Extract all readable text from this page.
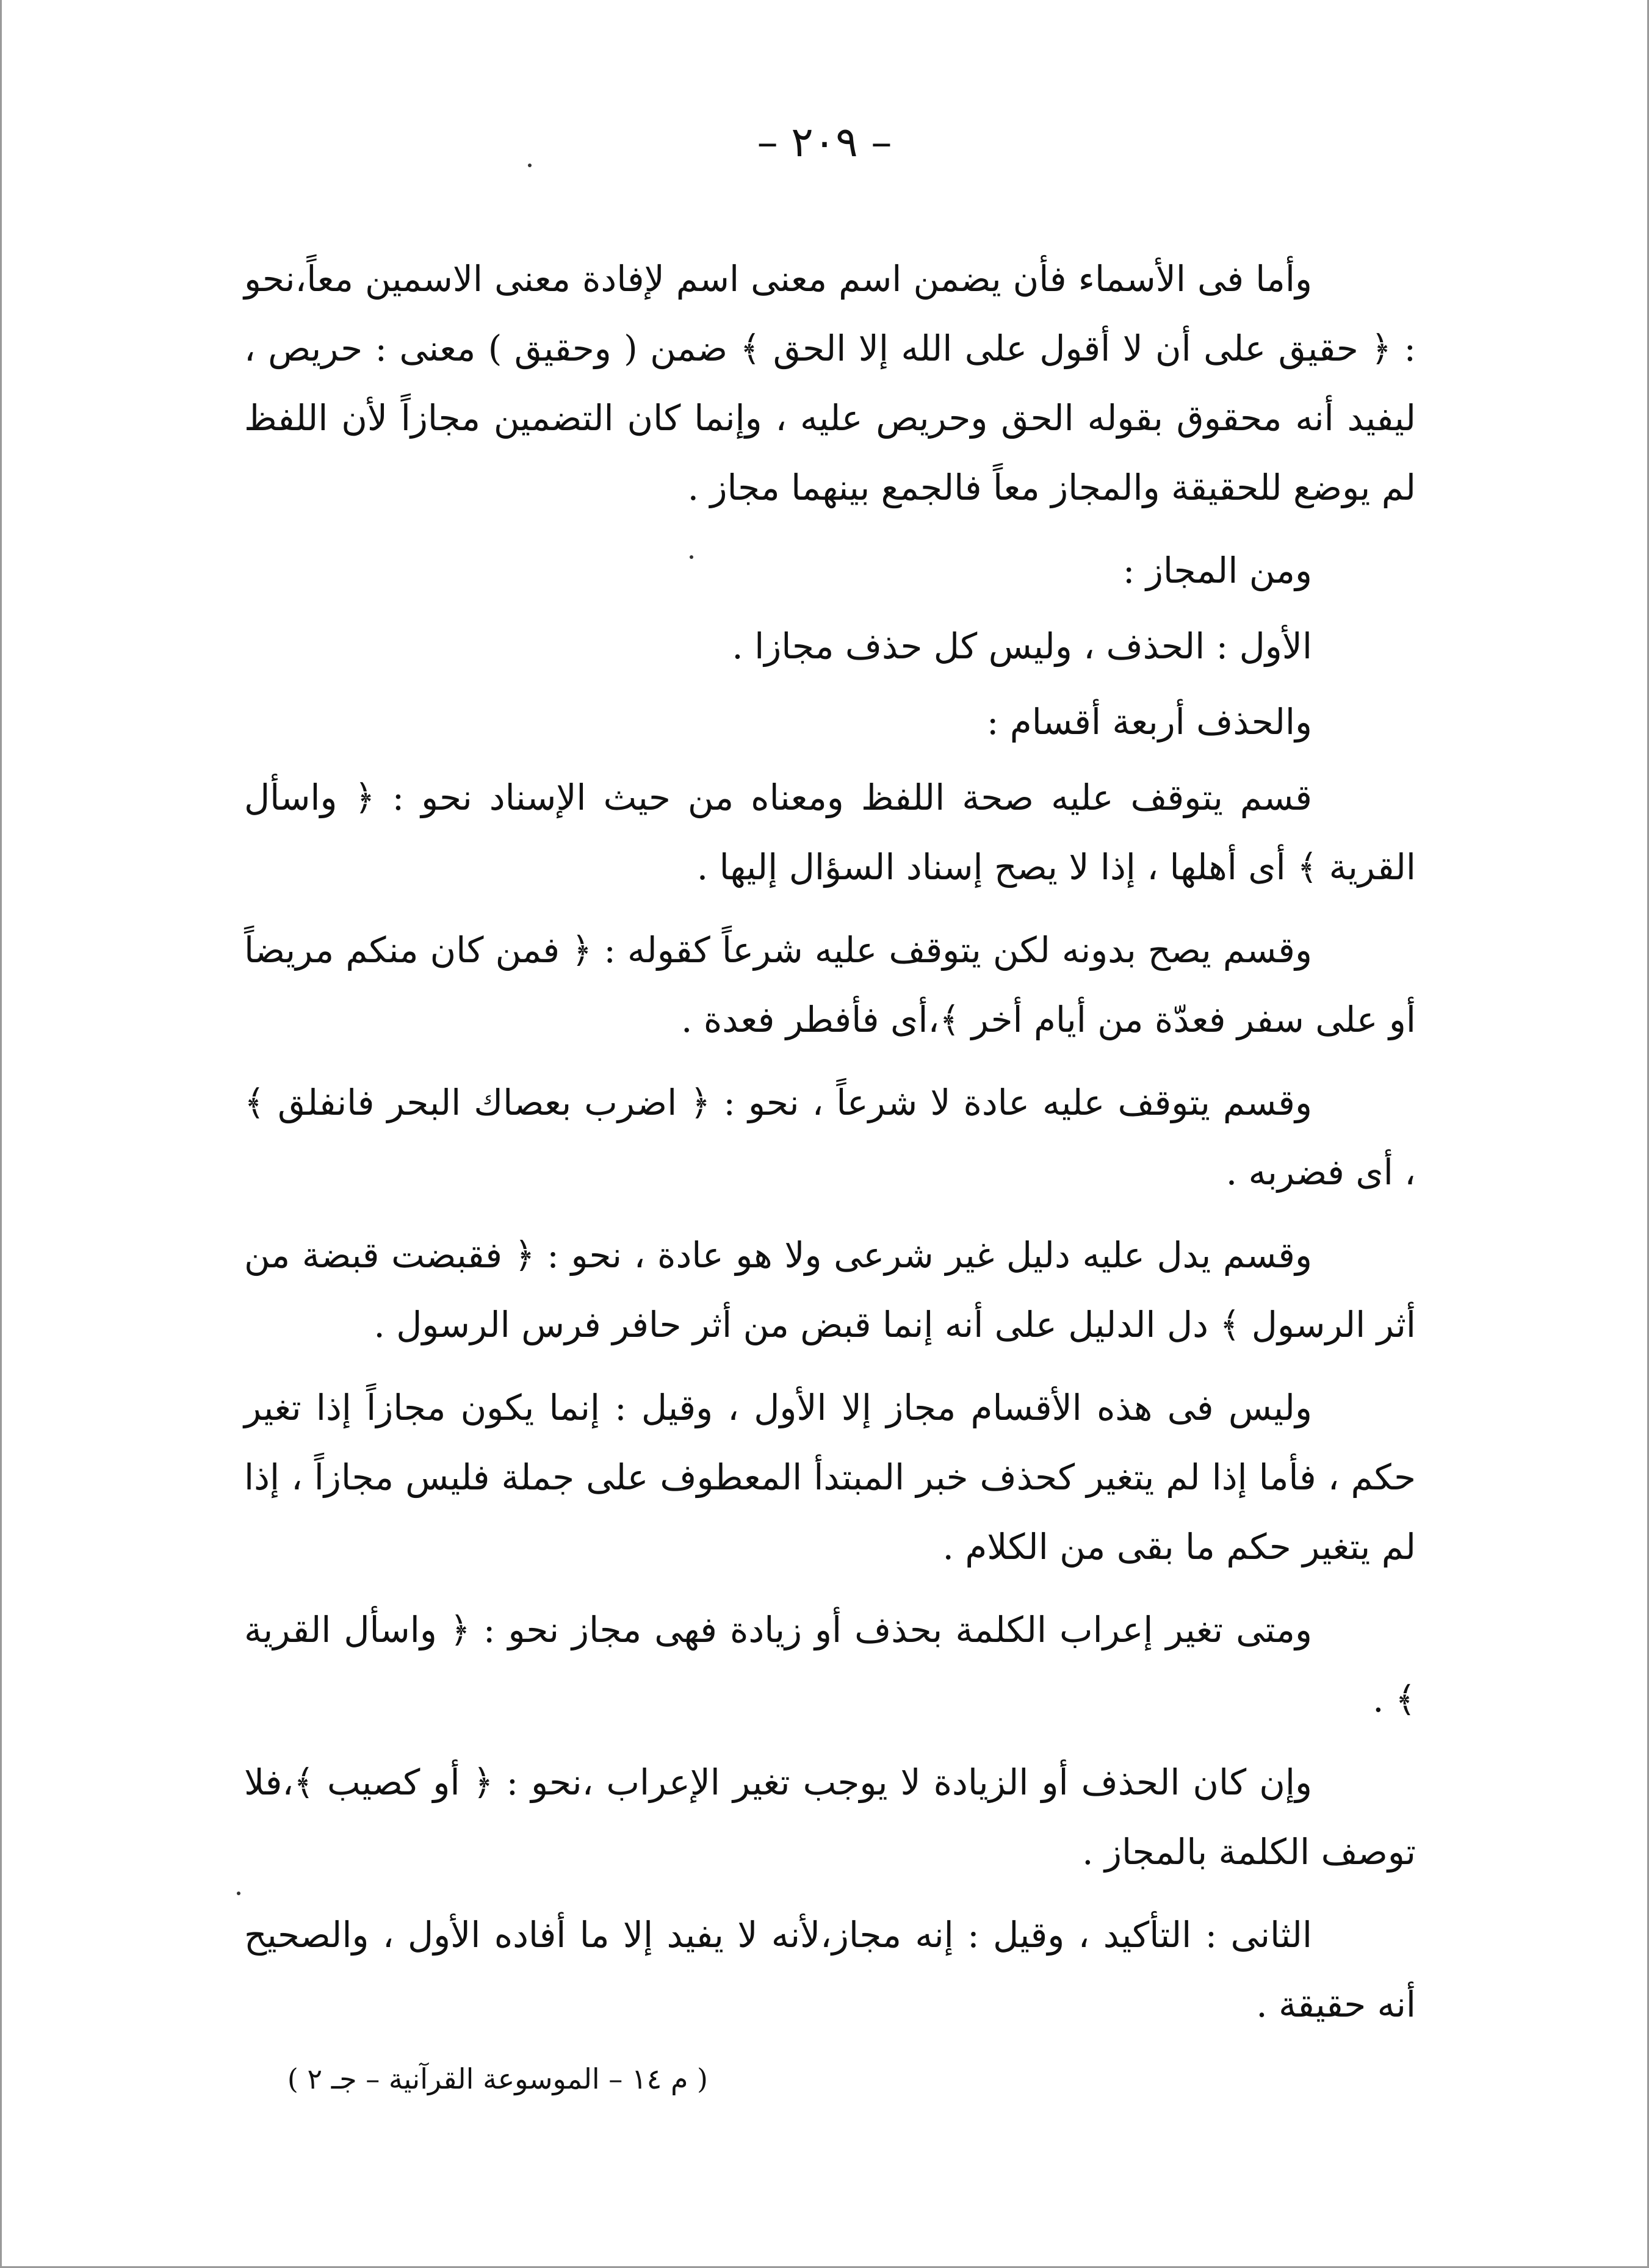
– ٢٠٩ –

وأما فى الأسماء فأن يضمن اسم معنى اسم لإفادة معنى الاسمين معاً،نحو : ﴿ حقيق على أن لا أقول على الله إلا الحق ﴾ ضمن ( وحقيق ) معنى : حريص ، ليفيد أنه محقوق بقوله الحق وحريص عليه ، وإنما كان التضمين مجازاً لأن اللفظ لم يوضع للحقيقة والمجاز معاً فالجمع بينهما مجاز .

ومن المجاز :

الأول : الحذف ، وليس كل حذف مجازا .

والحذف أربعة أقسام :

قسم يتوقف عليه صحة اللفظ ومعناه من حيث الإسناد نحو : ﴿ واسأل القرية ﴾ أى أهلها ، إذا لا يصح إسناد السؤال إليها .

وقسم يصح بدونه لكن يتوقف عليه شرعاً كقوله : ﴿ فمن كان منكم مريضاً أو على سفر فعدّة من أيام أخر ﴾،أى فأفطر فعدة .

وقسم يتوقف عليه عادة لا شرعاً ، نحو : ﴿ اضرب بعصاك البحر فانفلق ﴾ ، أى فضربه .

وقسم يدل عليه دليل غير شرعى ولا هو عادة ، نحو : ﴿ فقبضت قبضة من أثر الرسول ﴾ دل الدليل على أنه إنما قبض من أثر حافر فرس الرسول .

وليس فى هذه الأقسام مجاز إلا الأول ، وقيل : إنما يكون مجازاً إذا تغير حكم ، فأما إذا لم يتغير كحذف خبر المبتدأ المعطوف على جملة فليس مجازاً ، إذا لم يتغير حكم ما بقى من الكلام .

ومتى تغير إعراب الكلمة بحذف أو زيادة فهى مجاز نحو : ﴿ واسأل القرية ﴾ .

وإن كان الحذف أو الزيادة لا يوجب تغير الإعراب ،نحو : ﴿ أو كصيب ﴾،فلا توصف الكلمة بالمجاز .

الثانى : التأكيد ، وقيل : إنه مجاز،لأنه لا يفيد إلا ما أفاده الأول ، والصحيح أنه حقيقة .

( م ١٤ – الموسوعة القرآنية – جـ ٢ )
